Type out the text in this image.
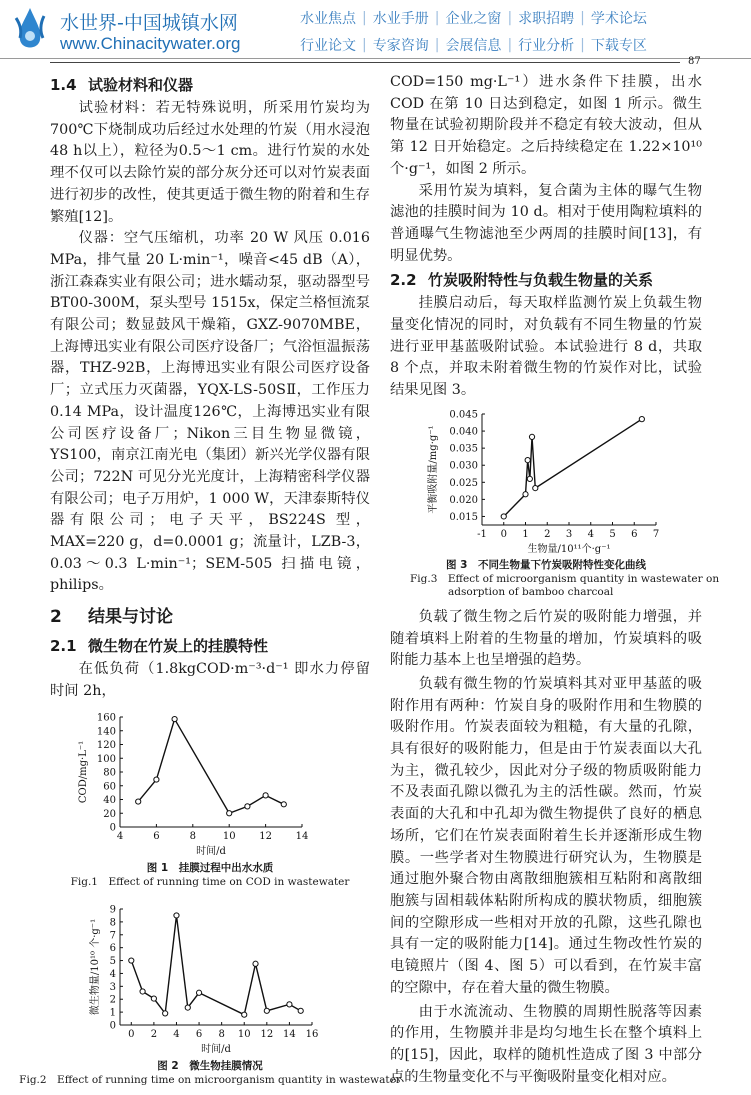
水世界-中国城镇水网
www.Chinacitywater.org
水业焦点 | 水业手册 | 企业之窗 | 求职招聘 | 学术论坛
行业论文 | 专家咨询 | 会展信息 | 行业分析 | 下载专区
87
1.4 试验材料和仪器

试验材料：若无特殊说明，所采用竹炭均为700℃下烧制成功后经过水处理的竹炭（用水浸泡48 h以上），粒径为0.5～1 cm。进行竹炭的水处理不仅可以去除竹炭的部分灰分还可以对竹炭表面进行初步的改性，使其更适于微生物的附着和生存繁殖[12]。

仪器：空气压缩机，功率 20 W 风压 0.016 MPa，排气量 20 L·min⁻¹，噪音<45 dB（A），浙江森森实业有限公司；进水蠕动泵，驱动器型号 BT00-300M，泵头型号 1515x，保定兰格恒流泵有限公司；数显鼓风干燥箱，GXZ-9070MBE，上海博迅实业有限公司医疗设备厂；气浴恒温振荡器，THZ-92B，上海博迅实业有限公司医疗设备厂；立式压力灭菌器，YQX-LS-50SⅡ，工作压力 0.14 MPa，设计温度126℃，上海博迅实业有限公司医疗设备厂；Nikon三目生物显微镜，YS100，南京江南光电（集团）新兴光学仪器有限公司；722N 可见分光光度计，上海精密科学仪器有限公司；电子万用炉，1 000 W，天津泰斯特仪器有限公司；电子天平，BS224S 型，MAX=220 g，d=0.0001 g；流量计，LZB-3，0.03～0.3 L·min⁻¹；SEM-505 扫描电镜，philips。

2 结果与讨论
2.1 微生物在竹炭上的挂膜特性

在低负荷（1.8kgCOD·m⁻³·d⁻¹ 即水力停留时间 2h，

4	6	8	10 12 14
0
20
40
60
80
100
120
140
160
时间/d
COD/mg·L⁻¹
图 1　挂膜过程中出水水质
Fig.1　Effect of running time on COD in wastewater
0 2 4 6 8 10 12 14 16
0
1
2
3
4
5
6
7
8
9
时间/d
微生物量/10¹⁰ 个·g⁻¹
图 2　微生物挂膜情况
Fig.2　Effect of running time on microorganism quantity in wastewater

COD=150 mg·L⁻¹）进水条件下挂膜，出水 COD 在第 10 日达到稳定，如图 1 所示。微生物量在试验初期阶段并不稳定有较大波动，但从第 12 日开始稳定。之后持续稳定在 1.22×10¹⁰ 个·g⁻¹，如图 2 所示。

采用竹炭为填料，复合菌为主体的曝气生物滤池的挂膜时间为 10 d。相对于使用陶粒填料的普通曝气生物滤池至少两周的挂膜时间[13]，有明显优势。

2.2 竹炭吸附特性与负载生物量的关系

挂膜启动后，每天取样监测竹炭上负载生物量变化情况的同时，对负载有不同生物量的竹炭进行亚甲基蓝吸附试验。本试验进行 8 d，共取 8 个点，并取未附着微生物的竹炭作对比，试验结果见图 3。

-1 0 1 2 3 4 5 6 7
0.015
0.020
0.025
0.030
0.035
0.040
0.045
生物量/10¹¹个·g⁻¹
平衡吸附量/mg·g⁻¹
图 3　不同生物量下竹炭吸附特性变化曲线
Fig.3　Effect of microorganism quantity in wastewater on
adsorption of bamboo charcoal

负载了微生物之后竹炭的吸附能力增强，并随着填料上附着的生物量的增加，竹炭填料的吸附能力基本上也呈增强的趋势。

负载有微生物的竹炭填料其对亚甲基蓝的吸附作用有两种：竹炭自身的吸附作用和生物膜的吸附作用。竹炭表面较为粗糙，有大量的孔隙，具有很好的吸附能力，但是由于竹炭表面以大孔为主，微孔较少，因此对分子级的物质吸附能力不及表面孔隙以微孔为主的活性碳。然而，竹炭表面的大孔和中孔却为微生物提供了良好的栖息场所，它们在竹炭表面附着生长并逐渐形成生物膜。一些学者对生物膜进行研究认为，生物膜是通过胞外聚合物由离散细胞簇相互粘附和离散细胞簇与固相载体粘附所构成的膜状物质，细胞簇间的空隙形成一些相对开放的孔隙，这些孔隙也具有一定的吸附能力[14]。通过生物改性竹炭的电镜照片（图 4、图 5）可以看到，在竹炭丰富的空隙中，存在着大量的微生物膜。

由于水流流动、生物膜的周期性脱落等因素的作用，生物膜并非是均匀地生长在整个填料上的[15]，因此，取样的随机性造成了图 3 中部分点的生物量变化不与平衡吸附量变化相对应。
